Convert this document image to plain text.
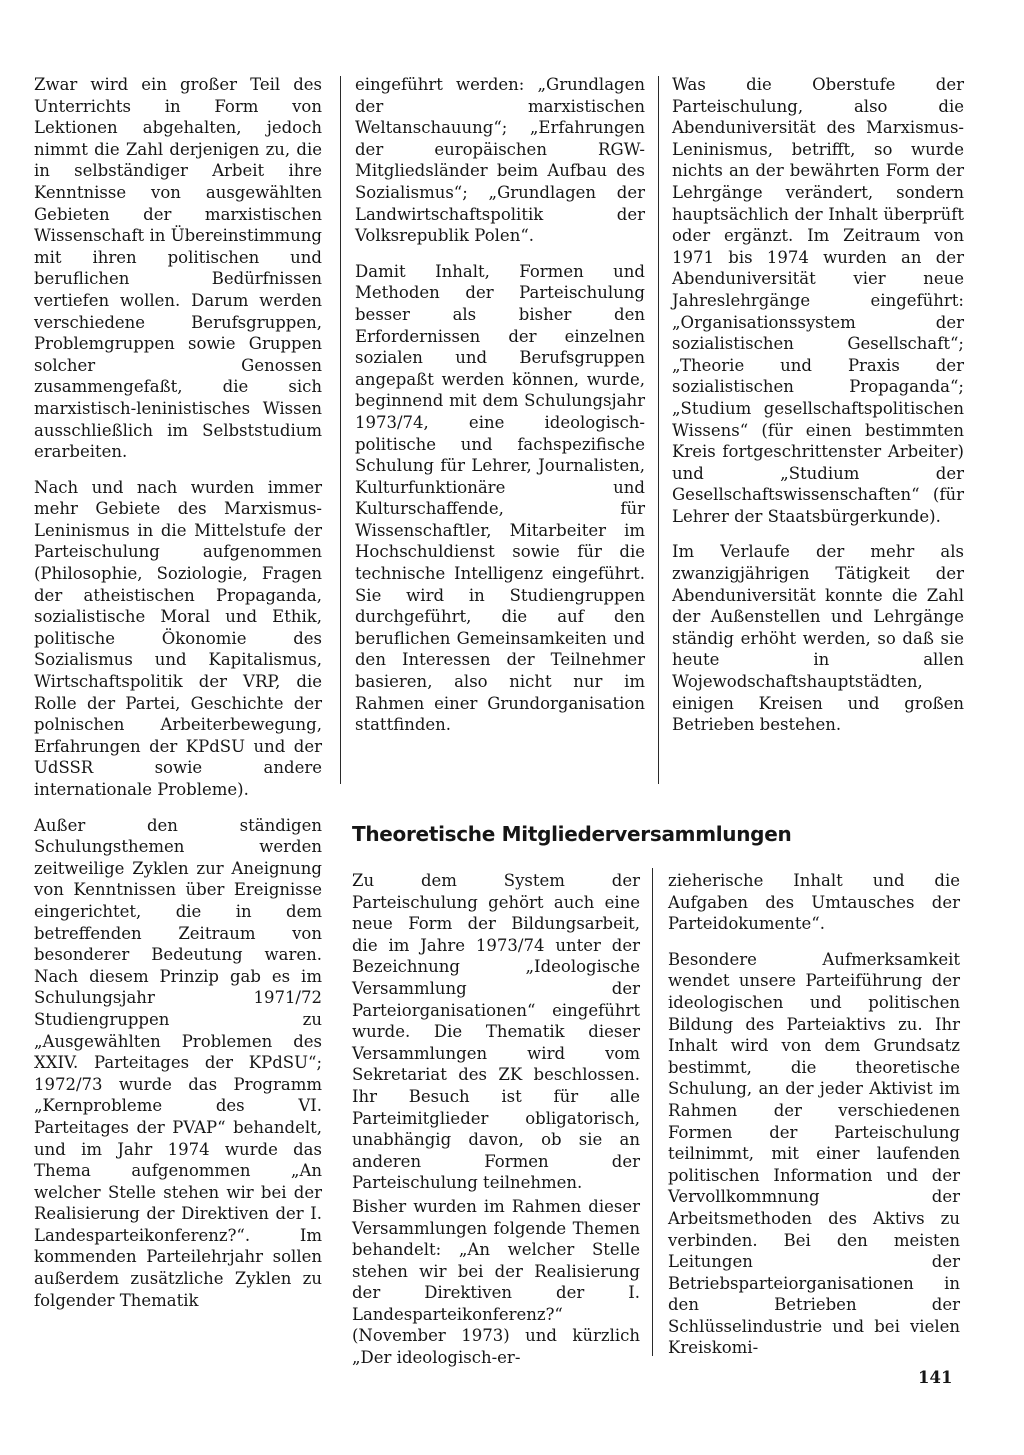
Zwar wird ein großer Teil des Unterrichts in Form von Lektionen abgehalten, jedoch nimmt die Zahl derjenigen zu, die in selbständiger Arbeit ihre Kenntnisse von ausgewählten Gebieten der marxistischen Wissenschaft in Übereinstimmung mit ihren politischen und beruflichen Bedürfnissen vertiefen wollen. Darum werden verschiedene Berufsgruppen, Problemgruppen sowie Gruppen solcher Genossen zusammengefaßt, die sich marxistisch-leninistisches Wissen ausschließlich im Selbststudium erarbeiten.

Nach und nach wurden immer mehr Gebiete des Marxismus-Leninismus in die Mittelstufe der Parteischulung aufgenommen (Philosophie, Soziologie, Fragen der atheistischen Propaganda, sozialistische Moral und Ethik, politische Ökonomie des Sozialismus und Kapitalismus, Wirtschaftspolitik der VRP, die Rolle der Partei, Geschichte der polnischen Arbeiterbewegung, Erfahrungen der KPdSU und der UdSSR sowie andere internationale Probleme).

Außer den ständigen Schulungsthemen werden zeitweilige Zyklen zur Aneignung von Kenntnissen über Ereignisse eingerichtet, die in dem betreffenden Zeitraum von besonderer Bedeutung waren. Nach diesem Prinzip gab es im Schulungsjahr 1971/72 Studiengruppen zu „Ausgewählten Problemen des XXIV. Parteitages der KPdSU“; 1972/73 wurde das Programm „Kernprobleme des VI. Parteitages der PVAP“ behandelt, und im Jahr 1974 wurde das Thema aufgenommen „An welcher Stelle stehen wir bei der Realisierung der Direktiven der I. Landesparteikonferenz?“. Im kommenden Parteilehrjahr sollen außerdem zusätzliche Zyklen zu folgender Thematik

eingeführt werden: „Grundlagen der marxistischen Weltanschauung“; „Erfahrungen der europäischen RGW-Mitgliedsländer beim Aufbau des Sozialismus“; „Grundlagen der Landwirtschaftspolitik der Volksrepublik Polen“.

Damit Inhalt, Formen und Methoden der Parteischulung besser als bisher den Erfordernissen der einzelnen sozialen und Berufsgruppen angepaßt werden können, wurde, beginnend mit dem Schulungsjahr 1973/74, eine ideologisch-politische und fachspezifische Schulung für Lehrer, Journalisten, Kulturfunktionäre und Kulturschaffende, für Wissenschaftler, Mitarbeiter im Hochschuldienst sowie für die technische Intelligenz eingeführt. Sie wird in Studiengruppen durchgeführt, die auf den beruflichen Gemeinsamkeiten und den Interessen der Teilnehmer basieren, also nicht nur im Rahmen einer Grundorganisation stattfinden.

Was die Oberstufe der Parteischulung, also die Abenduniversität des Marxismus-Leninismus, betrifft, so wurde nichts an der bewährten Form der Lehrgänge verändert, sondern hauptsächlich der Inhalt überprüft oder ergänzt. Im Zeitraum von 1971 bis 1974 wurden an der Abenduniversität vier neue Jahreslehrgänge eingeführt: „Organisationssystem der sozialistischen Gesellschaft“; „Theorie und Praxis der sozialistischen Propaganda“; „Studium gesellschaftspolitischen Wissens“ (für einen bestimmten Kreis fortgeschrittenster Arbeiter) und „Studium der Gesellschaftswissenschaften“ (für Lehrer der Staatsbürgerkunde).

Im Verlaufe der mehr als zwanzigjährigen Tätigkeit der Abenduniversität konnte die Zahl der Außenstellen und Lehrgänge ständig erhöht werden, so daß sie heute in allen Wojewodschaftshauptstädten, einigen Kreisen und großen Betrieben bestehen.

Theoretische Mitgliederversammlungen

Zu dem System der Parteischulung gehört auch eine neue Form der Bildungsarbeit, die im Jahre 1973/74 unter der Bezeichnung „Ideologische Versammlung der Parteiorganisationen“ eingeführt wurde. Die Thematik dieser Versammlungen wird vom Sekretariat des ZK beschlossen. Ihr Besuch ist für alle Parteimitglieder obligatorisch, unabhängig davon, ob sie an anderen Formen der Parteischulung teilnehmen.

Bisher wurden im Rahmen dieser Versammlungen folgende Themen behandelt: „An welcher Stelle stehen wir bei der Realisierung der Direktiven der I. Landesparteikonferenz?“ (November 1973) und kürzlich „Der ideologisch-er-

zieherische Inhalt und die Aufgaben des Umtausches der Parteidokumente“.

Besondere Aufmerksamkeit wendet unsere Parteiführung der ideologischen und politischen Bildung des Parteiaktivs zu. Ihr Inhalt wird von dem Grundsatz bestimmt, die theoretische Schulung, an der jeder Aktivist im Rahmen der verschiedenen Formen der Parteischulung teilnimmt, mit einer laufenden politischen Information und der Vervollkommnung der Arbeitsmethoden des Aktivs zu verbinden. Bei den meisten Leitungen der Betriebsparteiorganisationen in den Betrieben der Schlüsselindustrie und bei vielen Kreiskomi-

141
